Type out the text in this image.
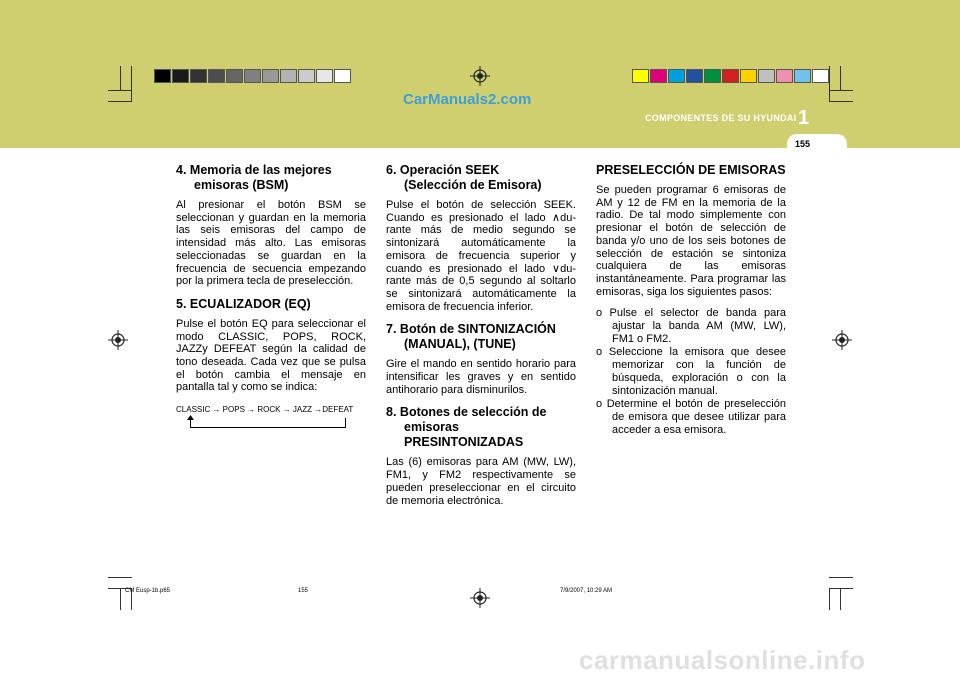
CarManuals2.com
COMPONENTES DE SU HYUNDAI 1
155
4. Memoria de las mejores
emisoras (BSM)

Al presionar el botón BSM se seleccionan y guardan en la memoria las seis emisoras del campo de intensidad más alto. Las emisoras seleccionadas se guardan en la frecuencia de secuencia empezando por la primera tecla de preselección.

5. ECUALIZADOR (EQ)

Pulse el botón EQ para seleccionar el modo CLASSIC, POPS, ROCK, JAZZy DEFEAT según la calidad de tono deseada. Cada vez que se pulsa el botón cambia el mensaje en pantalla tal y como se indica:

CLASSIC → POPS → ROCK → JAZZ →DEFEAT
6. Operación SEEK
(Selección de Emisora)

Pulse el botón de selección SEEK. Cuando es presionado el lado ∧du-rante más de medio segundo se sintonizará automáticamente la emisora de frecuencia superior y cuando es presionado el lado ∨du-rante más de 0,5 segundo al soltarlo se sintonizará automáticamente la emisora de frecuencia inferior.

7. Botón de SINTONIZACIÓN
(MANUAL), (TUNE)

Gire el mando en sentido horario para intensificar les graves y en sentido antihorario para disminurilos.

8. Botones de selección de
emisoras PRESINTONIZADAS

Las (6) emisoras para AM (MW, LW), FM1, y FM2 respectivamente se pueden preseleccionar en el circuito de memoria electrónica.

PRESELECCIÓN DE EMISORAS

Se pueden programar 6 emisoras de AM y 12 de FM en la memoria de la radio. De tal modo simplemente con presionar el botón de selección de banda y/o uno de los seis botones de selección de estación se sintoniza cualquiera de las emisoras instantáneamente. Para programar las emisoras, siga los siguientes pasos:

o Pulse el selector de banda para ajustar la banda AM (MW, LW), FM1 o FM2.
o Seleccione la emisora que desee memorizar con la función de búsqueda, exploración o con la sintonización manual.
o Determine el botón de preselección de emisora que desee utilizar para acceder a esa emisora.
CM Eusp-1b.p65	155	7/9/2007, 10:29 AM
carmanualsonline.info
